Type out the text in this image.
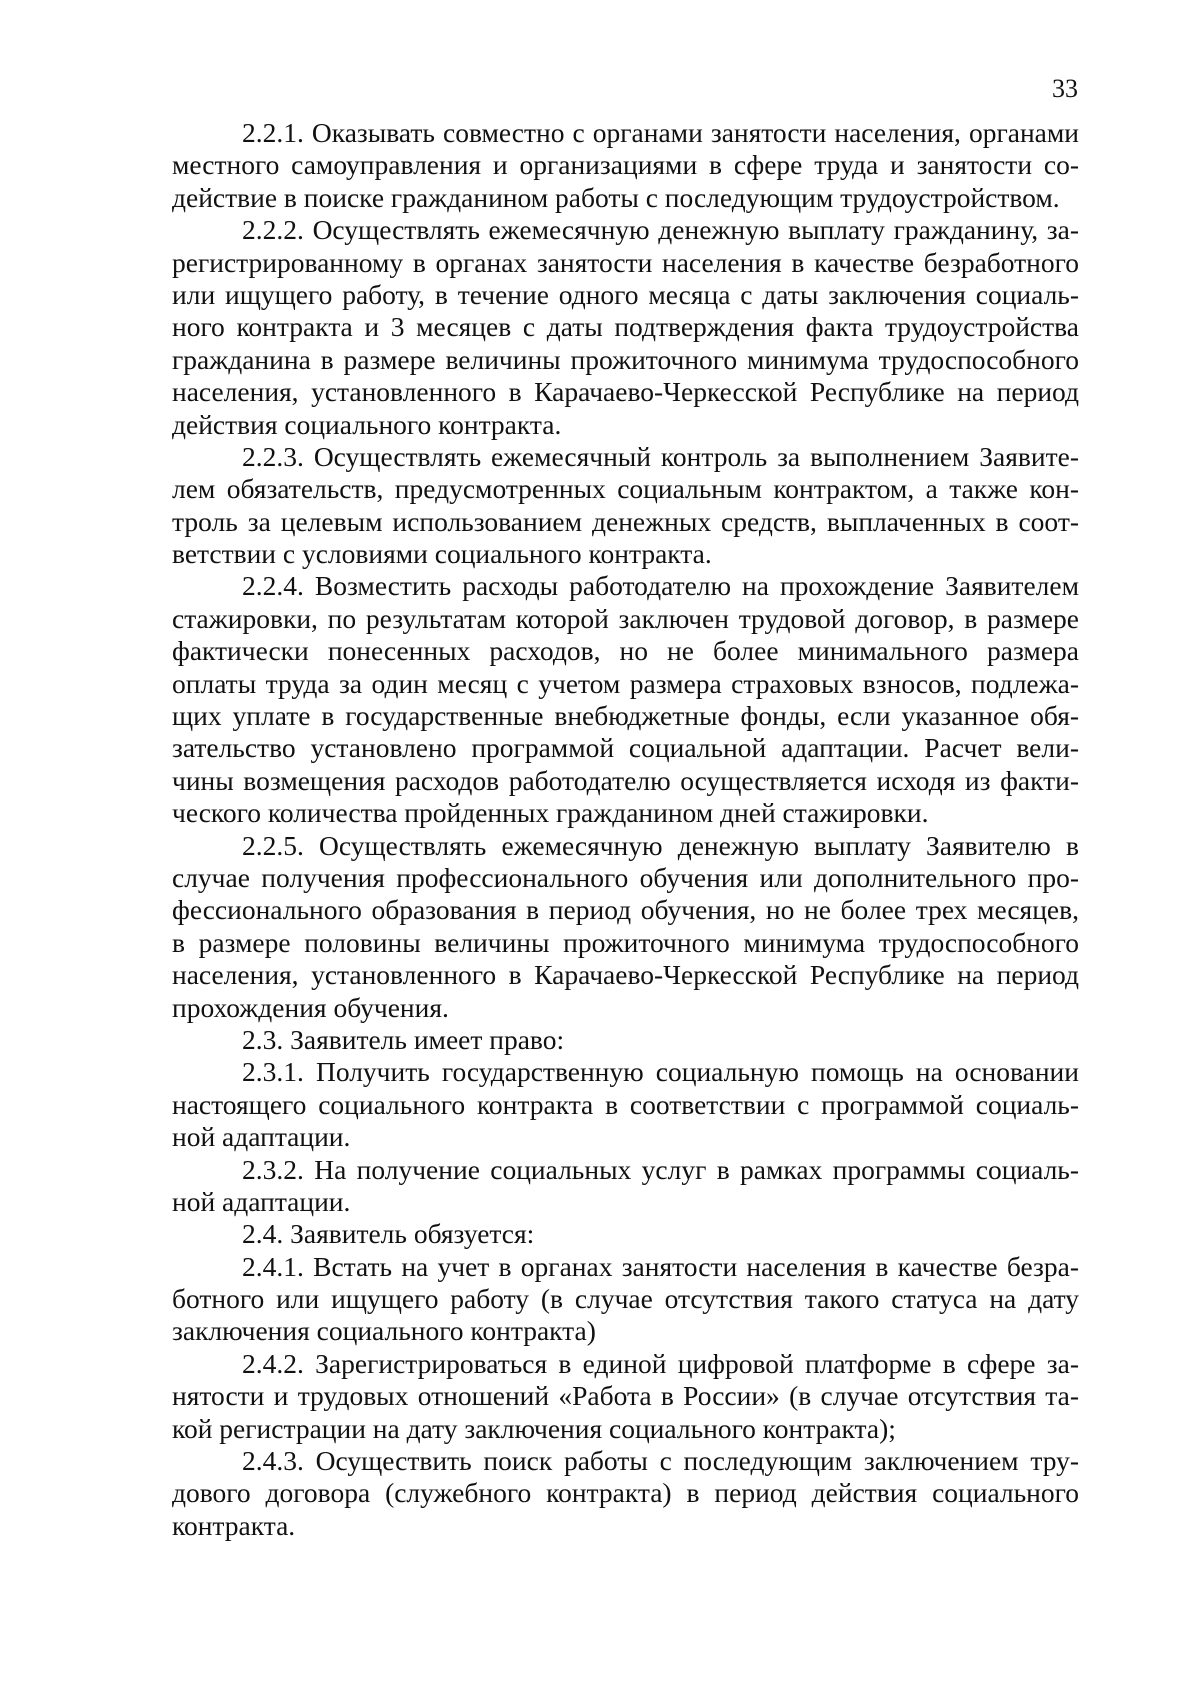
33
2.2.1. Оказывать совместно с органами занятости населения, органами
местного самоуправления и организациями в сфере труда и занятости со-
действие в поиске гражданином работы с последующим трудоустройством.
2.2.2. Осуществлять ежемесячную денежную выплату гражданину, за-
регистрированному в органах занятости населения в качестве безработного
или ищущего работу, в течение одного месяца с даты заключения социаль-
ного контракта и 3 месяцев с даты подтверждения факта трудоустройства
гражданина в размере величины прожиточного минимума трудоспособного
населения, установленного в Карачаево-Черкесской Республике на период
действия социального контракта.
2.2.3. Осуществлять ежемесячный контроль за выполнением Заявите-
лем обязательств, предусмотренных социальным контрактом, а также кон-
троль за целевым использованием денежных средств, выплаченных в соот-
ветствии с условиями социального контракта.
2.2.4. Возместить расходы работодателю на прохождение Заявителем
стажировки, по результатам которой заключен трудовой договор, в размере
фактически понесенных расходов, но не более минимального размера
оплаты труда за один месяц с учетом размера страховых взносов, подлежа-
щих уплате в государственные внебюджетные фонды, если указанное обя-
зательство установлено программой социальной адаптации. Расчет вели-
чины возмещения расходов работодателю осуществляется исходя из факти-
ческого количества пройденных гражданином дней стажировки.
2.2.5. Осуществлять ежемесячную денежную выплату Заявителю в
случае получения профессионального обучения или дополнительного про-
фессионального образования в период обучения, но не более трех месяцев,
в размере половины величины прожиточного минимума трудоспособного
населения, установленного в Карачаево-Черкесской Республике на период
прохождения обучения.
2.3. Заявитель имеет право:
2.3.1. Получить государственную социальную помощь на основании
настоящего социального контракта в соответствии с программой социаль-
ной адаптации.
2.3.2. На получение социальных услуг в рамках программы социаль-
ной адаптации.
2.4. Заявитель обязуется:
2.4.1. Встать на учет в органах занятости населения в качестве безра-
ботного или ищущего работу (в случае отсутствия такого статуса на дату
заключения социального контракта)
2.4.2. Зарегистрироваться в единой цифровой платформе в сфере за-
нятости и трудовых отношений «Работа в России» (в случае отсутствия та-
кой регистрации на дату заключения социального контракта);
2.4.3. Осуществить поиск работы с последующим заключением тру-
дового договора (служебного контракта) в период действия социального
контракта.
